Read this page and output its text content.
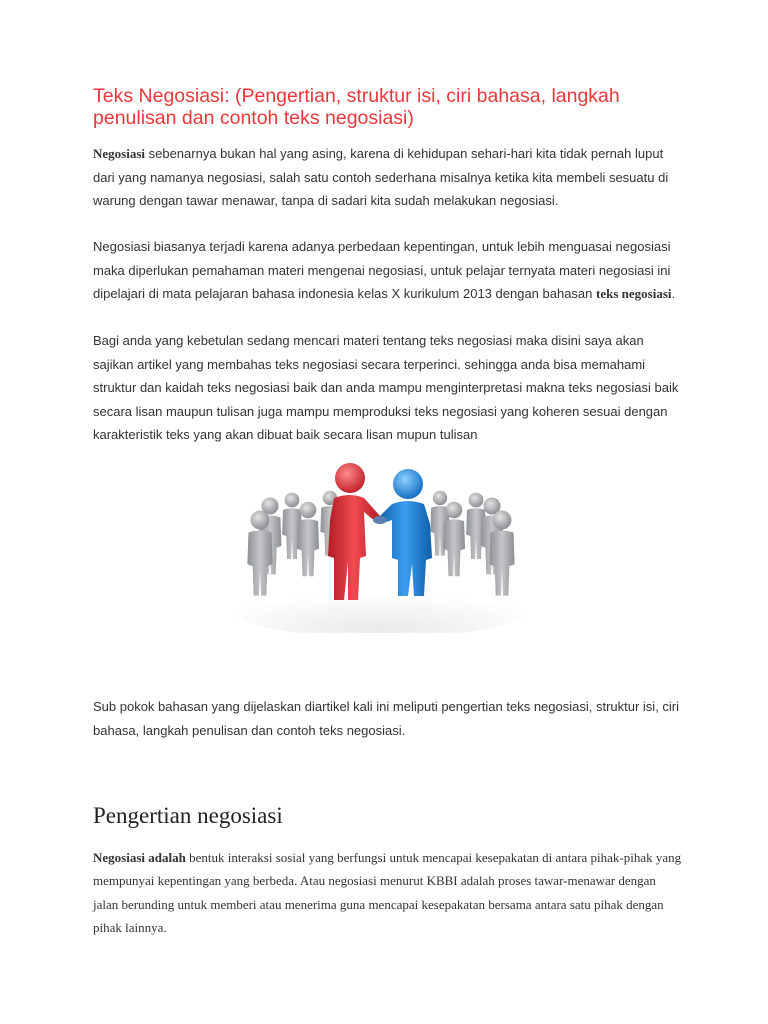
Teks Negosiasi: (Pengertian, struktur isi, ciri bahasa, langkah penulisan dan contoh teks negosiasi)

Negosiasi sebenarnya bukan hal yang asing, karena di kehidupan sehari-hari kita tidak pernah luput dari yang namanya negosiasi, salah satu contoh sederhana misalnya ketika kita membeli sesuatu di warung dengan tawar menawar, tanpa di sadari kita sudah melakukan negosiasi.

Negosiasi biasanya terjadi karena adanya perbedaan kepentingan, untuk lebih menguasai negosiasi maka diperlukan pemahaman materi mengenai negosiasi, untuk pelajar ternyata materi negosiasi ini dipelajari di mata pelajaran bahasa indonesia kelas X kurikulum 2013 dengan bahasan teks negosiasi.

Bagi anda yang kebetulan sedang mencari materi tentang teks negosiasi maka disini saya akan sajikan artikel yang membahas teks negosiasi secara terperinci. sehingga anda bisa memahami struktur dan kaidah teks negosiasi baik dan anda mampu menginterpretasi makna teks negosiasi baik secara lisan maupun tulisan juga mampu memproduksi teks negosiasi yang koheren sesuai dengan karakteristik teks yang akan dibuat baik secara lisan mupun tulisan

Sub pokok bahasan yang dijelaskan diartikel kali ini meliputi pengertian teks negosiasi, struktur isi, ciri bahasa, langkah penulisan dan contoh teks negosiasi.

Pengertian negosiasi

Negosiasi adalah bentuk interaksi sosial yang berfungsi untuk mencapai kesepakatan di antara pihak-pihak yang mempunyai kepentingan yang berbeda. Atau negosiasi menurut KBBI adalah proses tawar-menawar dengan jalan berunding untuk memberi atau menerima guna mencapai kesepakatan bersama antara satu pihak dengan pihak lainnya.
